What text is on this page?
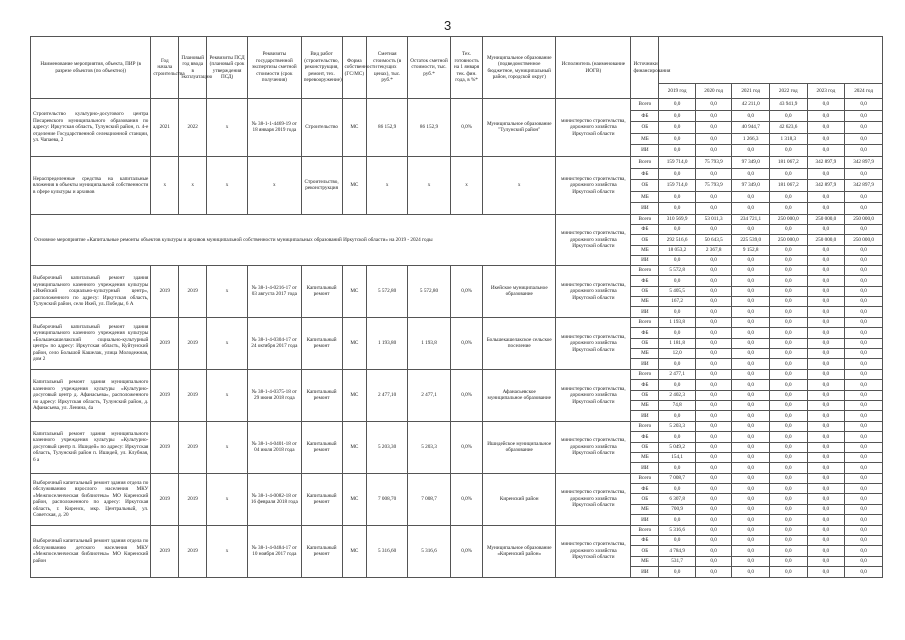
3
Наименование мероприятия, объекта, ПИР (в разрезе объектов (по объектно))	Год начала строительства	Плановый год ввода в эксплуатацию	Реквизиты ПСД (плановый срок утверждения ПСД)	Реквизиты государственной экспертизы сметной стоимости (срок получения)	Вид работ (строительство, реконструкция, ремонт, тех. перевооружение)	Форма собственности (ГС/МС)	Сметная стоимость (в текущих ценах), тыс. руб.*	Остаток сметной стоимости, тыс. руб.*	Тех. готовность на 1 января тек. фин. года, в %*	Муниципальное образование (подведомственное бюджетное, муниципальный район, городской округ)	Исполнитель (наименование ИОГВ)	Источники финансирования						
													2019 год	2020 год	2021 год	2022 год	2023 год	2024 год
Строительство культурно-досугового центра Писаревского муниципального образования по адресу: Иркутская область, Тулунский район, п. 4-е отделение Государственной селекционной станции, ул. Чапаева, 2	2021	2022	x	№ 38-1-1-4469-19 от 18 января 2019 года	Строительство	МС	86 152,9	86 152,9	0,0%	Муниципальное образование "Тулунский район"	министерство строительства, дорожного хозяйства Иркутской области	Всего	0,0	0,0	42 211,0	43 941,9	0,0	0,0
												ФБ	0,0	0,0	0,0	0,0	0,0	0,0
												ОБ	0,0	0,0	40 944,7	42 623,6	0,0	0,0
												МБ	0,0	0,0	1 266,3	1 318,3	0,0	0,0
												ИИ	0,0	0,0	0,0	0,0	0,0	0,0
Нераспределенные средства на капитальные вложения в объекты муниципальной собственности в сфере культуры и архивов	x	x	x	x	Строительство, реконструкция	МС	x	x	x	x	министерство строительства, дорожного хозяйства Иркутской области	Всего	159 714,0	75 793,9	97 349,0	181 067,2	342 897,9	342 897,9
												ФБ	0,0	0,0	0,0	0,0	0,0	0,0
												ОБ	159 714,0	75 793,9	97 349,0	181 067,2	342 897,9	342 897,9
												МБ	0,0	0,0	0,0	0,0	0,0	0,0
												ИИ	0,0	0,0	0,0	0,0	0,0	0,0
Основное мероприятие «Капитальные ремонты объектов культуры и архивов муниципальной собственности муниципальных образований Иркутской области» на 2019 - 2024 годы											министерство строительства, дорожного хозяйства Иркутской области	Всего	310 569,9	53 011,3	234 721,1	250 000,0	250 000,0	250 000,0
												ФБ	0,0	0,0	0,0	0,0	0,0	0,0
												ОБ	292 516,6	50 643,5	225 539,0	250 000,0	250 000,0	250 000,0
												МБ	18 053,2	2 367,8	9 152,8	0,0	0,0	0,0
												ИИ	0,0	0,0	0,0	0,0	0,0	0,0
Выборочный капитальный ремонт здания муниципального казенного учреждения культуры «Икейский социально-культурный центр», расположенного по адресу: Иркутская область, Тулунский район, село Икей, ул. Победы, 6 А	2019	2019	x	№ 38-1-4-0216-17 от 03 августа 2017 года	Капитальный ремонт	МС	5 572,80	5 572,80	0,0%	Икейское муниципальное образование	министерство строительства, дорожного хозяйства Иркутской области	Всего	5 572,8	0,0	0,0	0,0	0,0	0,0
												ФБ	0,0	0,0	0,0	0,0	0,0	0,0
												ОБ	5 405,5	0,0	0,0	0,0	0,0	0,0
												МБ	167,2	0,0	0,0	0,0	0,0	0,0
												ИИ	0,0	0,0	0,0	0,0	0,0	0,0
Выборочный капитальный ремонт здания муниципального казенного учреждения культуры «Большекашелакский социально-культурный центр» по адресу: Иркутская область, Куйтунский район, село Большой Кашелак, улица Молодежная, дом 2	2019	2019	x	№ 38-1-4-0304-17 от 24 октября 2017 года	Капитальный ремонт	МС	1 193,80	1 193,8	0,0%	Большекашелакское сельское поселение	министерство строительства, дорожного хозяйства Иркутской области	Всего	1 193,8	0,0	0,0	0,0	0,0	0,0
												ФБ	0,0	0,0	0,0	0,0	0,0	0,0
												ОБ	1 181,8	0,0	0,0	0,0	0,0	0,0
												МБ	12,0	0,0	0,0	0,0	0,0	0,0
												ИИ	0,0	0,0	0,0	0,0	0,0	0,0
Капитальный ремонт здания муниципального казенного учреждения культуры «Культурно-досуговый центр д. Афанасьева», расположенного по адресу: Иркутская область, Тулунский район, д. Афанасьева, ул. Ленина, 4а	2019	2019	x	№ 38-1-4-0375-18 от 29 июня 2018 года	Капитальный ремонт	МС	2 477,10	2 477,1	0,0%	Афанасьевское муниципальное образование	министерство строительства, дорожного хозяйства Иркутской области	Всего	2 477,1	0,0	0,0	0,0	0,0	0,0
												ФБ	0,0	0,0	0,0	0,0	0,0	0,0
												ОБ	2 402,3	0,0	0,0	0,0	0,0	0,0
												МБ	74,8	0,0	0,0	0,0	0,0	0,0
												ИИ	0,0	0,0	0,0	0,0	0,0	0,0
Капитальный ремонт здания муниципального казенного учреждения культуры «Культурно-досуговый центр п. Ишидей» по адресу: Иркутская область, Тулунский район п. Ишидей, ул. Клубная, 6 а	2019	2019	x	№ 38-1-4-0401-18 от 04 июля 2018 года	Капитальный ремонт	МС	5 203,30	5 203,3	0,0%	Ишидейское муниципальное образование	министерство строительства, дорожного хозяйства Иркутской области	Всего	5 203,3	0,0	0,0	0,0	0,0	0,0
												ФБ	0,0	0,0	0,0	0,0	0,0	0,0
												ОБ	5 049,2	0,0	0,0	0,0	0,0	0,0
												МБ	154,1	0,0	0,0	0,0	0,0	0,0
												ИИ	0,0	0,0	0,0	0,0	0,0	0,0
Выборочный капитальный ремонт здания отдела по обслуживанию взрослого населения МКУ «Межпоселенческая библиотека» МО Киренский район, расположенного по адресу: Иркутская область, г. Киренск, мкр. Центральный, ул. Советская, д. 20	2019	2019	x	№ 38-1-4-0082-18 от 16 февраля 2018 года	Капитальный ремонт	МС	7 008,70	7 008,7	0,0%	Киренский район	министерство строительства, дорожного хозяйства Иркутской области	Всего	7 008,7	0,0	0,0	0,0	0,0	0,0
												ФБ	0,0	0,0	0,0	0,0	0,0	0,0
												ОБ	6 307,8	0,0	0,0	0,0	0,0	0,0
												МБ	700,9	0,0	0,0	0,0	0,0	0,0
												ИИ	0,0	0,0	0,0	0,0	0,0	0,0
Выборочный капитальный ремонт здания отдела по обслуживанию детского населения МКУ «Межпоселенческая библиотека» МО Киренский район	2019	2019	x	№ 38-1-4-0484-17 от 10 ноября 2017 года	Капитальный ремонт	МС	5 316,60	5 316,6	0,0%	Муниципальное образование «Киренский район»	министерство строительства, дорожного хозяйства Иркутской области	Всего	5 316,6	0,0	0,0	0,0	0,0	0,0
												ФБ	0,0	0,0	0,0	0,0	0,0	0,0
												ОБ	4 784,9	0,0	0,0	0,0	0,0	0,0
												МБ	531,7	0,0	0,0	0,0	0,0	0,0
												ИИ	0,0	0,0	0,0	0,0	0,0	0,0
